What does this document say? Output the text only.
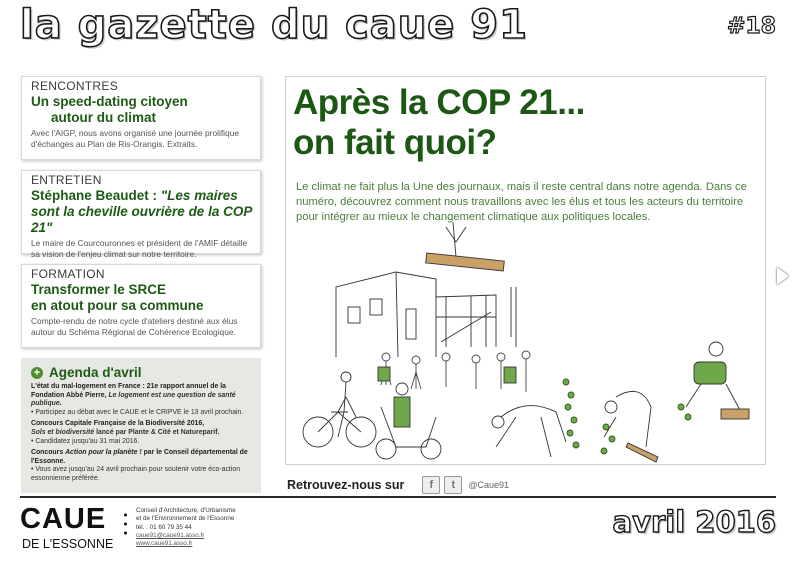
la gazette du caue 91	#18
RENCONTRES
Un speed-dating citoyen
autour du climat
Avec l'AIGP, nous avons organisé une journée prolifique d'échanges au Plan de Ris-Orangis. Extraits.
ENTRETIEN
Stéphane Beaudet : "Les maires
sont la cheville ouvrière de la COP 21"
Le maire de Courcouronnes et président de l'AMIF détaille sa vision de l'enjeu climat sur notre territoire.
FORMATION
Transformer le SRCE
en atout pour sa commune
Compte-rendu de notre cycle d'ateliers destiné aux élus autour du Schéma Régional de Cohérence Ecologique.
+ Agenda d'avril
L'état du mal-logement en France : 21e rapport annuel de la Fondation Abbé Pierre, Le logement est une question de santé publique.
• Participez au débat avec le CAUE et le CRIPVE le 13 avril prochain.
Concours Capitale Française de la Biodiversité 2016,
Sols et biodiversité lancé par Plante & Cité et Natureparif.
• Candidatez jusqu'au 31 mai 2016.
Concours Action pour la planète ! par le Conseil départemental de l'Essonne.
• Vous avez jusqu'au 24 avril prochain pour soutenir votre éco-action essonnienne préférée.
Après la COP 21...
on fait quoi?
Le climat ne fait plus la Une des journaux, mais il reste central dans notre agenda. Dans ce numéro, découvrez comment nous travaillons avec les élus et tous les acteurs du territoire pour intégrer au mieux le changement climatique aux politiques locales.
Retrouvez-nous sur	f	t	@Caue91
CAUE
DE L'ESSONNE
Conseil d'Architecture, d'Urbanisme
et de l'Environnement de l'Essonne
tél. : 01 60 79 35 44
caue91@caue91.asso.fr
www.caue91.asso.fr
avril 2016
